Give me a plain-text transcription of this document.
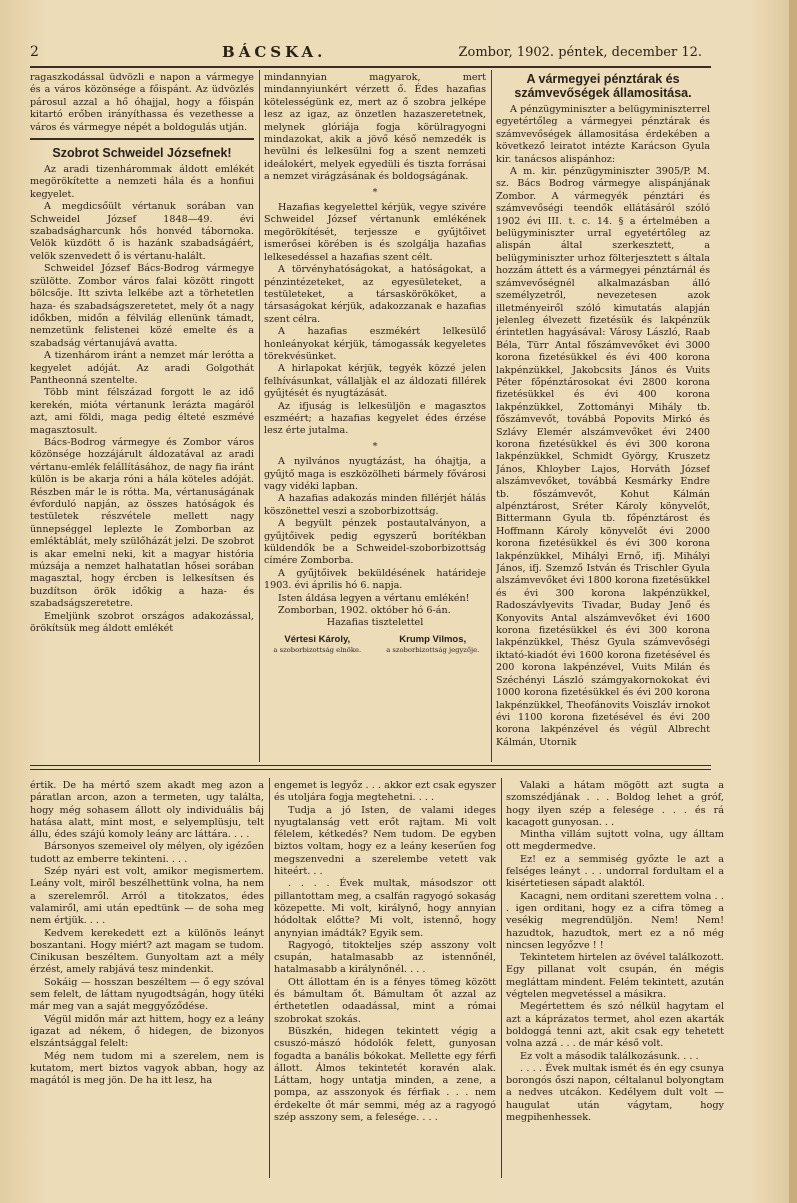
2	BÁCSKA.	Zombor, 1902. péntek, december 12.

ragaszkodással üdvözli e napon a vármegye és a város közönsége a főispánt. Az üdvözlés párosul azzal a hő óhajjal, hogy a főispán kitartó erőben irányíthassa és vezethesse a város és vármegye népét a boldogulás utján.

Szobrot Schweidel Józsefnek!

Az aradi tizenhárommak áldott emlékét megörökítette a nemzeti hála és a honfiui kegyelet.

A megdicsőült vértanuk sorában van Schweidel József 1848—49. évi szabadságharcunk hős honvéd tábornoka. Velök küzdött ő is hazánk szabadságáért, velök szenvedett ő is vértanu-halált.

Schweidel József Bács-Bodrog vármegye szülötte. Zombor város falai között ringott bölcsője. Itt szivta lelkébe azt a törhetetlen haza- és szabadságszeretetet, mely őt a nagy időkben, midőn a félvilág ellenünk támadt, nemzetünk felistenei közé emelte és a szabadság vértanujává avatta.

A tizenhárom iránt a nemzet már lerótta a kegyelet adóját. Az aradi Golgothát Pantheonná szentelte.

Több mint félszázad forgott le az idő kerekén, mióta vértanunk lerázta magáról azt, ami földi, maga pedig élteté eszmévé magasztosult.

Bács-Bodrog vármegye és Zombor város közönsége hozzájárult áldozatával az aradi vértanu-emlék felállításához, de nagy fia iránt külön is be akarja róni a hála köteles adóját. Részben már le is rótta. Ma, vértanuságának évforduló napján, az összes hatóságok és testületek részvétele mellett nagy ünnepséggel leplezte le Zomborban az emléktáblát, mely szülőházát jelzi. De szobrot is akar emelni neki, kit a magyar história múzsája a nemzet halhatatlan hősei sorában magasztal, hogy ércben is lelkesítsen és buzdítson örök időkig a haza- és szabadságszeretetre.

Emeljünk szobrot országos adakozással, örökítsük meg áldott emlékét

mindannyian magyarok, mert mindannyiunkért vérzett ő. Édes hazafias kötelességünk ez, mert az ő szobra jelképe lesz az igaz, az önzetlen hazaszeretetnek, melynek glóriája fogja körülragyogni mindazokat, akik a jövő késő nemzedék is hevülni és lelkesülni fog a szent nemzeti ideálokért, melyek egyedüli és tiszta forrásai a nemzet virágzásának és boldogságának.

*

Hazafias kegyelettel kérjük, vegye szivére Schweidel József vértanunk emlékének megörökítését, terjessze e gyűjtőivet ismerősei körében is és szolgálja hazafias lelkesedéssel a hazafias szent célt.

A törvényhatóságokat, a hatóságokat, a pénzintézeteket, az egyesületeket, a testületeket, a társaskörököket, a társaságokat kérjük, adakozzanak e hazafias szent célra.

A hazafias eszmékért lelkesülő honleányokat kérjük, támogassák kegyeletes törekvésünket.

A hirlapokat kérjük, tegyék közzé jelen felhívásunkat, vállaljàk el az áldozati fillérek gyűjtését és nyugtázását.

Az ifjuság is lelkesüljön e magasztos eszméért; a hazafias kegyelet édes érzése lesz érte jutalma.

*

A nyilvános nyugtázást, ha óhajtja, a gyűjtő maga is eszközölheti bármely fővárosi vagy vidéki lapban.

A hazafias adakozás minden fillérjét hálás köszönettel veszi a szoborbizottság.

A begyült pénzek postautalványon, a gyűjtőivek pedig egyszerű borítékban küldendők be a Schweidel-szoborbizottság címére Zomborba.

A gyűjtőivek beküldésének határideje 1903. évi április hó 6. napja.

Isten áldása legyen a vértanu emlékén!

Zomborban, 1902. október hó 6-án.

Hazafias tisztelettel

Vértesi Károly,
a szoborbizottság elnöke.
Krump Vilmos,
a szoborbizottság jegyzője.
A vármegyei pénztárak és számvevőségek államositása.

A pénzügyminiszter a belügyminiszterrel egyetértőleg a vármegyei pénztárak és számvevőségek államositása érdekében a következő leiratot intézte Karácson Gyula kir. tanácsos alispánhoz:

A m. kir. pénzügyminiszter 3905/P. M. sz. Bács Bodrog vármegye alispánjának Zombor. A vármegyék pénztári és számvevőségi teendők ellátásáról szóló 1902 évi III. t. c. 14. § a értelmében a belügyminiszter urral egyetértőleg az alispán által szerkesztett, a belügyminiszter urhoz fölterjesztett s általa hozzám áttett és a vármegyei pénztárnál és számvevőségnél alkalmazásban álló személyzetről, nevezetesen azok illetményeiről szóló kimutatás alapján jelenleg élvezett fizetésük és lakpénzük érintetlen hagyásával: Városy László, Raab Béla, Türr Antal főszámvevőket évi 3000 korona fizetésükkel és évi 400 korona lakpénzükkel, Jakobcsits János és Vuits Péter főpénztárosokat évi 2800 korona fizetésükkel és évi 400 korona lakpénzükkel, Zottományi Mihály tb. főszámvevőt, továbbá Popovits Mirkó és Szlávy Elemér alszámvevőket évi 2400 korona fizetésükkel és évi 300 korona lakpénzükkel, Schmidt György, Kruszetz János, Khloyber Lajos, Horváth József alszámvevőket, továbbá Kesmárky Endre tb. főszámvevőt, Kohut Kálmán alpénztárost, Sréter Károly könyvelőt, Bittermann Gyula tb. főpénztárost és Hoffmann Károly könyvelőt évi 2000 korona fizetésükkel és évi 300 korona lakpénzükkel, Mihályi Ernő, ifj. Mihályi János, ifj. Szemző István és Trischler Gyula alszámvevőket évi 1800 korona fizetésükkel és évi 300 korona lakpénzükkel, Radoszávlyevits Tivadar, Buday Jenő és Konyovits Antal alszámvevőket évi 1600 korona fizetésükkel és évi 300 korona lakpénzükkel, Thész Gyula számvevőségi iktató-kiadót évi 1600 korona fizetésével és 200 korona lakpénzével, Vuits Milán és Széchényi László számgyakornokokat évi 1000 korona fizetésükkel és évi 200 korona lakpénzükkel, Theofánovits Voiszláv irnokot évi 1100 korona fizetésével és évi 200 korona lakpénzével és végül Albrecht Kálmán, Utornik

értik. De ha mértő szem akadt meg azon a páratlan arcon, azon a termeten, ugy találta, hogy még sohasem állott oly individuális báj hatása alatt, mint most, e selyemplüsju, telt állu, édes szájú komoly leány arc láttára. . . .

Bársonyos szemeivel oly mélyen, oly igézően tudott az emberre tekinteni. . . .

Szép nyári est volt, amikor megismertem. Leány volt, miről beszélhettünk volna, ha nem a szerelemről. Arról a titokzatos, édes valamiről, ami után epedtünk — de soha meg nem értjük. . . .

Kedvem kerekedett ezt a különös leányt boszantani. Hogy miért? azt magam se tudom. Cinikusan beszéltem. Gunyoltam azt a mély érzést, amely rabjává tesz mindenkit.

Sokáig — hosszan beszéltem — ő egy szóval sem felelt, de láttam nyugodtságán, hogy ütéki már meg van a saját meggyőződése.

Végül midőn már azt hittem, hogy ez a leány igazat ad nékem, ő hidegen, de bizonyos elszántsággal felelt:

Még nem tudom mi a szerelem, nem is kutatom, mert biztos vagyok abban, hogy az magától is meg jön. De ha itt lesz, ha

engemet is legyőz . . . akkor ezt csak egyszer és utoljára fogja megtehetni. . . .

Tudja a jó Isten, de valami ideges nyugtalanság vett erőt rajtam. Mi volt félelem, kétkedés? Nem tudom. De egyben biztos voltam, hogy ez a leány keserűen fog megszenvedni a szerelembe vetett vak hiteért. . .

. . . . Évek multak, másodszor ott pillantottam meg, a csalfán ragyogó sokaság közepette. Mi volt, királynő, hogy annyian hódoltak előtte? Mi volt, istennő, hogy anynyian imádták? Egyik sem.

Ragyogó, titokteljes szép asszony volt csupán, hatalmasabb az istennőnél, hatalmasabb a királynőnél. . . .

Ott állottam én is a fényes tömeg között és bámultam őt. Bámultam őt azzal az érthetetlen odaadással, mint a római szobrokat szokás.

Büszkén, hidegen tekintett végig a csuszó-mászó hódolók felett, gunyosan fogadta a banális bókokat. Mellette egy férfi állott. Álmos tekintetét koravén alak. Láttam, hogy untatja minden, a zene, a pompa, az asszonyok és férfiak . . . nem érdekelte őt már semmi, még az a ragyogó szép asszony sem, a felesége. . . .

Valaki a hátam mögött azt sugta a szomszédjának . . . Boldog lehet a gróf, hogy ilyen szép a felesége . . . és rá kacagott gunyosan. . .

Mintha villám sujtott volna, ugy álltam ott megdermedve.

Ez! ez a semmiség győzte le azt a felséges leányt . . . undorral fordultam el a kisértetiesen sápadt alaktól.

Kacagni, nem orditani szerettem volna . . . igen orditani, hogy ez a cifra tömeg a vesékig megrendüljön. Nem! Nem! hazudtok, hazudtok, mert ez a nő még nincsen legyőzve ! !

Tekintetem hirtelen az övével találkozott. Egy pillanat volt csupán, én mégis megláttam mindent. Felém tekintett, azután végtelen megvetéssel a másikra.

Megértettem és szó nélkül hagytam el azt a káprázatos termet, ahol ezen akarták boldoggá tenni azt, akit csak egy tehetett volna azzá . . . de már késő volt.

Ez volt a második találkozásunk. . . .

. . . . Évek multak ismét és én egy csunya borongós őszi napon, céltalanul bolyongtam a nedves utcákon. Kedélyem dult volt — haugulat után vágytam, hogy megpihenhessek.
